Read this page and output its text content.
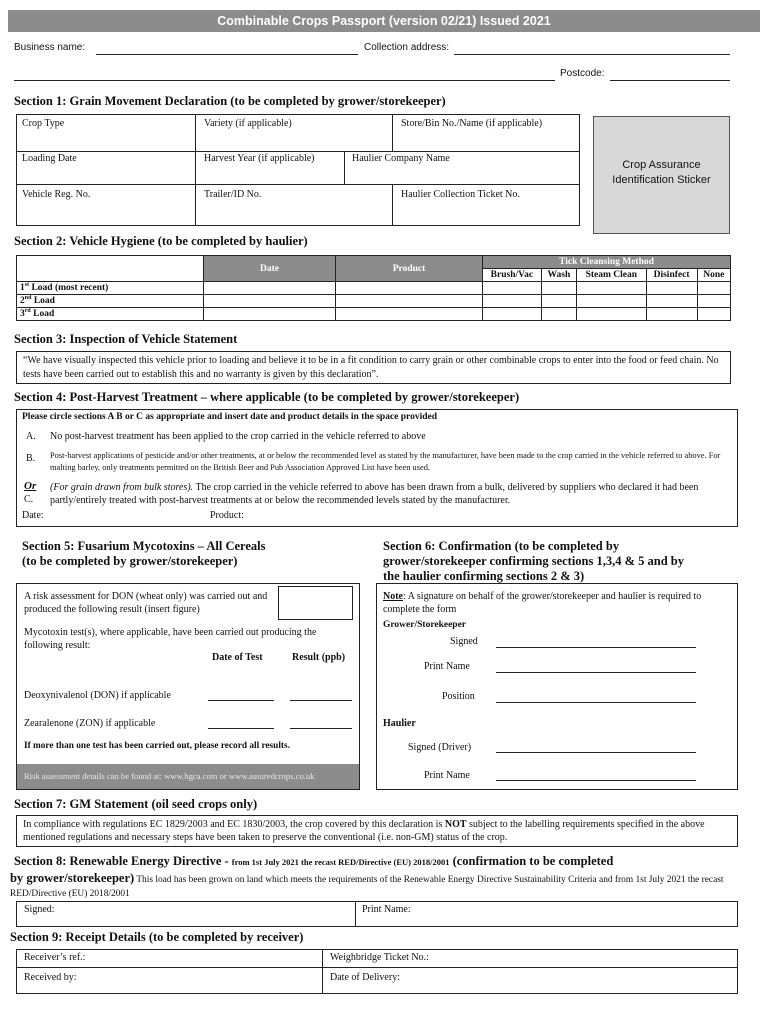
Combinable Crops Passport (version 02/21) Issued 2021
Business name:	Collection address:
Postcode:
Section 1: Grain Movement Declaration (to be completed by grower/storekeeper)
Crop Type	Variety (if applicable)	Store/Bin No./Name (if applicable)
Loading Date	Harvest Year (if applicable)	Haulier Company Name
Vehicle Reg. No.	Trailer/ID No.	Haulier Collection Ticket No.
Crop Assurance Identification Sticker
Section 2: Vehicle Hygiene (to be completed by haulier)
	Date	Product	Tick Cleansing Method				
			Brush/Vac	Wash	Steam Clean	Disinfect	None
1st Load (most recent)							
2nd Load							
3rd Load							
Section 3: Inspection of Vehicle Statement
“We have visually inspected this vehicle prior to loading and believe it to be in a fit condition to carry grain or other combinable crops to enter into the food or feed chain. No tests have been carried out to establish this and no warranty is given by this declaration”.
Section 4: Post-Harvest Treatment – where applicable (to be completed by grower/storekeeper)
Please circle sections A B or C as appropriate and insert date and product details in the space provided
A. No post-harvest treatment has been applied to the crop carried in the vehicle referred to above
B. Post-harvest applications of pesticide and/or other treatments, at or below the recommended level as stated by the manufacturer, have been made to the crop carried in the vehicle referred to above. For malting barley, only treatments permitted on the British Beer and Pub Association Approved List have been used.
Or
C.
(For grain drawn from bulk stores). The crop carried in the vehicle referred to above has been drawn from a bulk, delivered by suppliers who declared it had been partly/entirely treated with post-harvest treatments at or below the recommended levels stated by the manufacturer.
Date:	Product:
Section 5: Fusarium Mycotoxins – All Cereals
(to be completed by grower/storekeeper)
A risk assessment for DON (wheat only) was carried out and produced the following result (insert figure)
Mycotoxin test(s), where applicable, have been carried out producing the following result:
Date of Test	Result (ppb)
Deoxynivalenol (DON) if applicable
Zearalenone (ZON) if applicable
If more than one test has been carried out, please record all results.
Risk assessment details can be found at: www.hgca.com or www.assuredcrops.co.uk
Section 6: Confirmation (to be completed by
grower/storekeeper confirming sections 1,3,4 & 5 and by
the haulier confirming sections 2 & 3)
Note: A signature on behalf of the grower/storekeeper and haulier is required to complete the form
Grower/Storekeeper
Signed
Print Name
Position
Haulier
Signed (Driver)
Print Name
Section 7: GM Statement (oil seed crops only)
In compliance with regulations EC 1829/2003 and EC 1830/2003, the crop covered by this declaration is NOT subject to the labelling requirements specified in the above mentioned regulations and necessary steps have been taken to preserve the conventional (i.e. non-GM) status of the crop.
Section 8: Renewable Energy Directive - from 1st July 2021 the recast RED/Directive (EU) 2018/2001 (confirmation to be completed
by grower/storekeeper) This load has been grown on land which meets the requirements of the Renewable Energy Directive Sustainability Criteria and from 1st July 2021 the recast RED/Directive (EU) 2018/2001
Signed:	Print Name:
Section 9: Receipt Details (to be completed by receiver)
Receiver’s ref.:	Weighbridge Ticket No.:
Received by:	Date of Delivery:
